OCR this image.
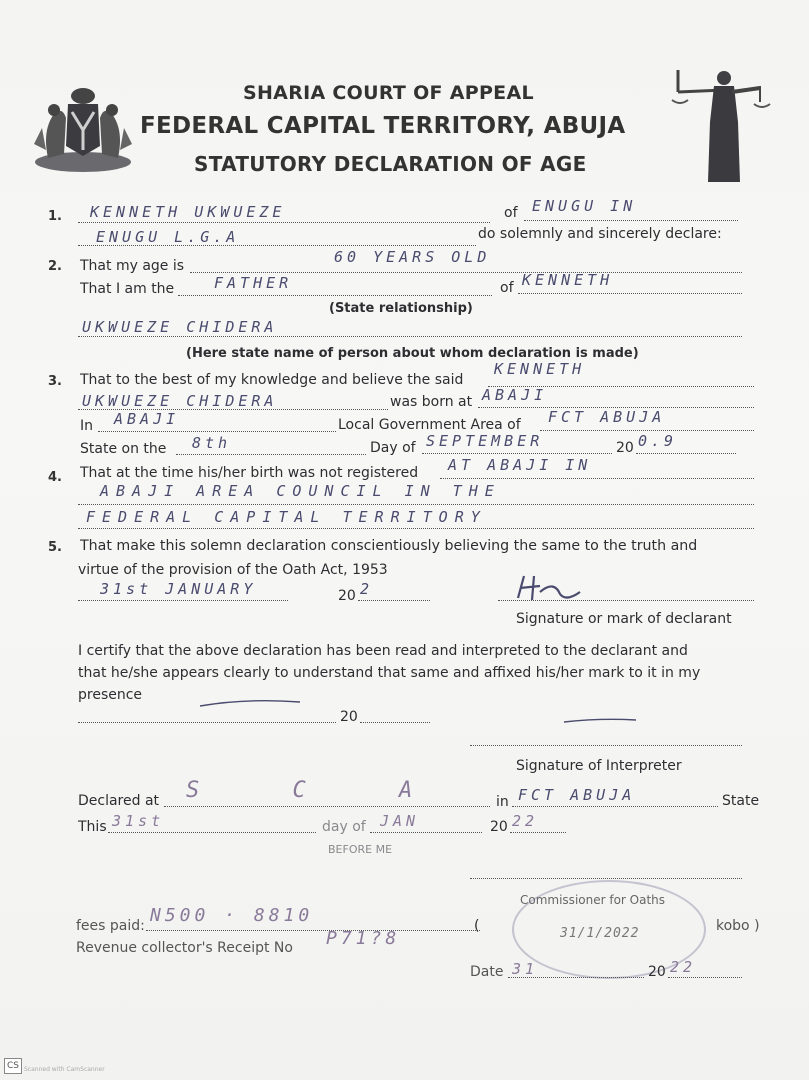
SHARIA COURT OF APPEAL
FEDERAL CAPITAL TERRITORY, ABUJA
STATUTORY DECLARATION OF AGE
1. KENNETH UKWUEZE	of ENUGU IN
ENUGU L.G.A	do solemnly and sincerely declare:
2. That my age is	60 YEARS OLD
That I am the	FATHER	of KENNETH
(State relationship)
UKWUEZE CHIDERA
(Here state name of person about whom declaration is made)
3. That to the best of my knowledge and believe the said
KENNETH
UKWUEZE CHIDERA	was born at ABAJI
In ABAJI	Local Government Area of FCT ABUJA
State on the 8th	Day of SEPTEMBER	20 0.9
4. That at the time his/her birth was not registered AT ABAJI IN
ABAJI AREA COUNCIL IN THE
FEDERAL CAPITAL TERRITORY
5. That make this solemn declaration conscientiously believing the same to the truth and
virtue of the provision of the Oath Act, 1953
31st JANUARY	20 2
Signature or mark of declarant
I certify that the above declaration has been read and interpreted to the declarant and
that he/she appears clearly to understand that same and affixed his/her mark to it in my
presence
20
Signature of Interpreter
Declared at S C A	in FCT ABUJA	State
This 31st	day of JAN	20 22
BEFORE ME
Commissioner for Oaths
31/1/2022
fees paid: N500 · 8810	(	kobo )
Revenue collector's Receipt No P71?8
Date 31	20 22
CS Scanned with CamScanner
